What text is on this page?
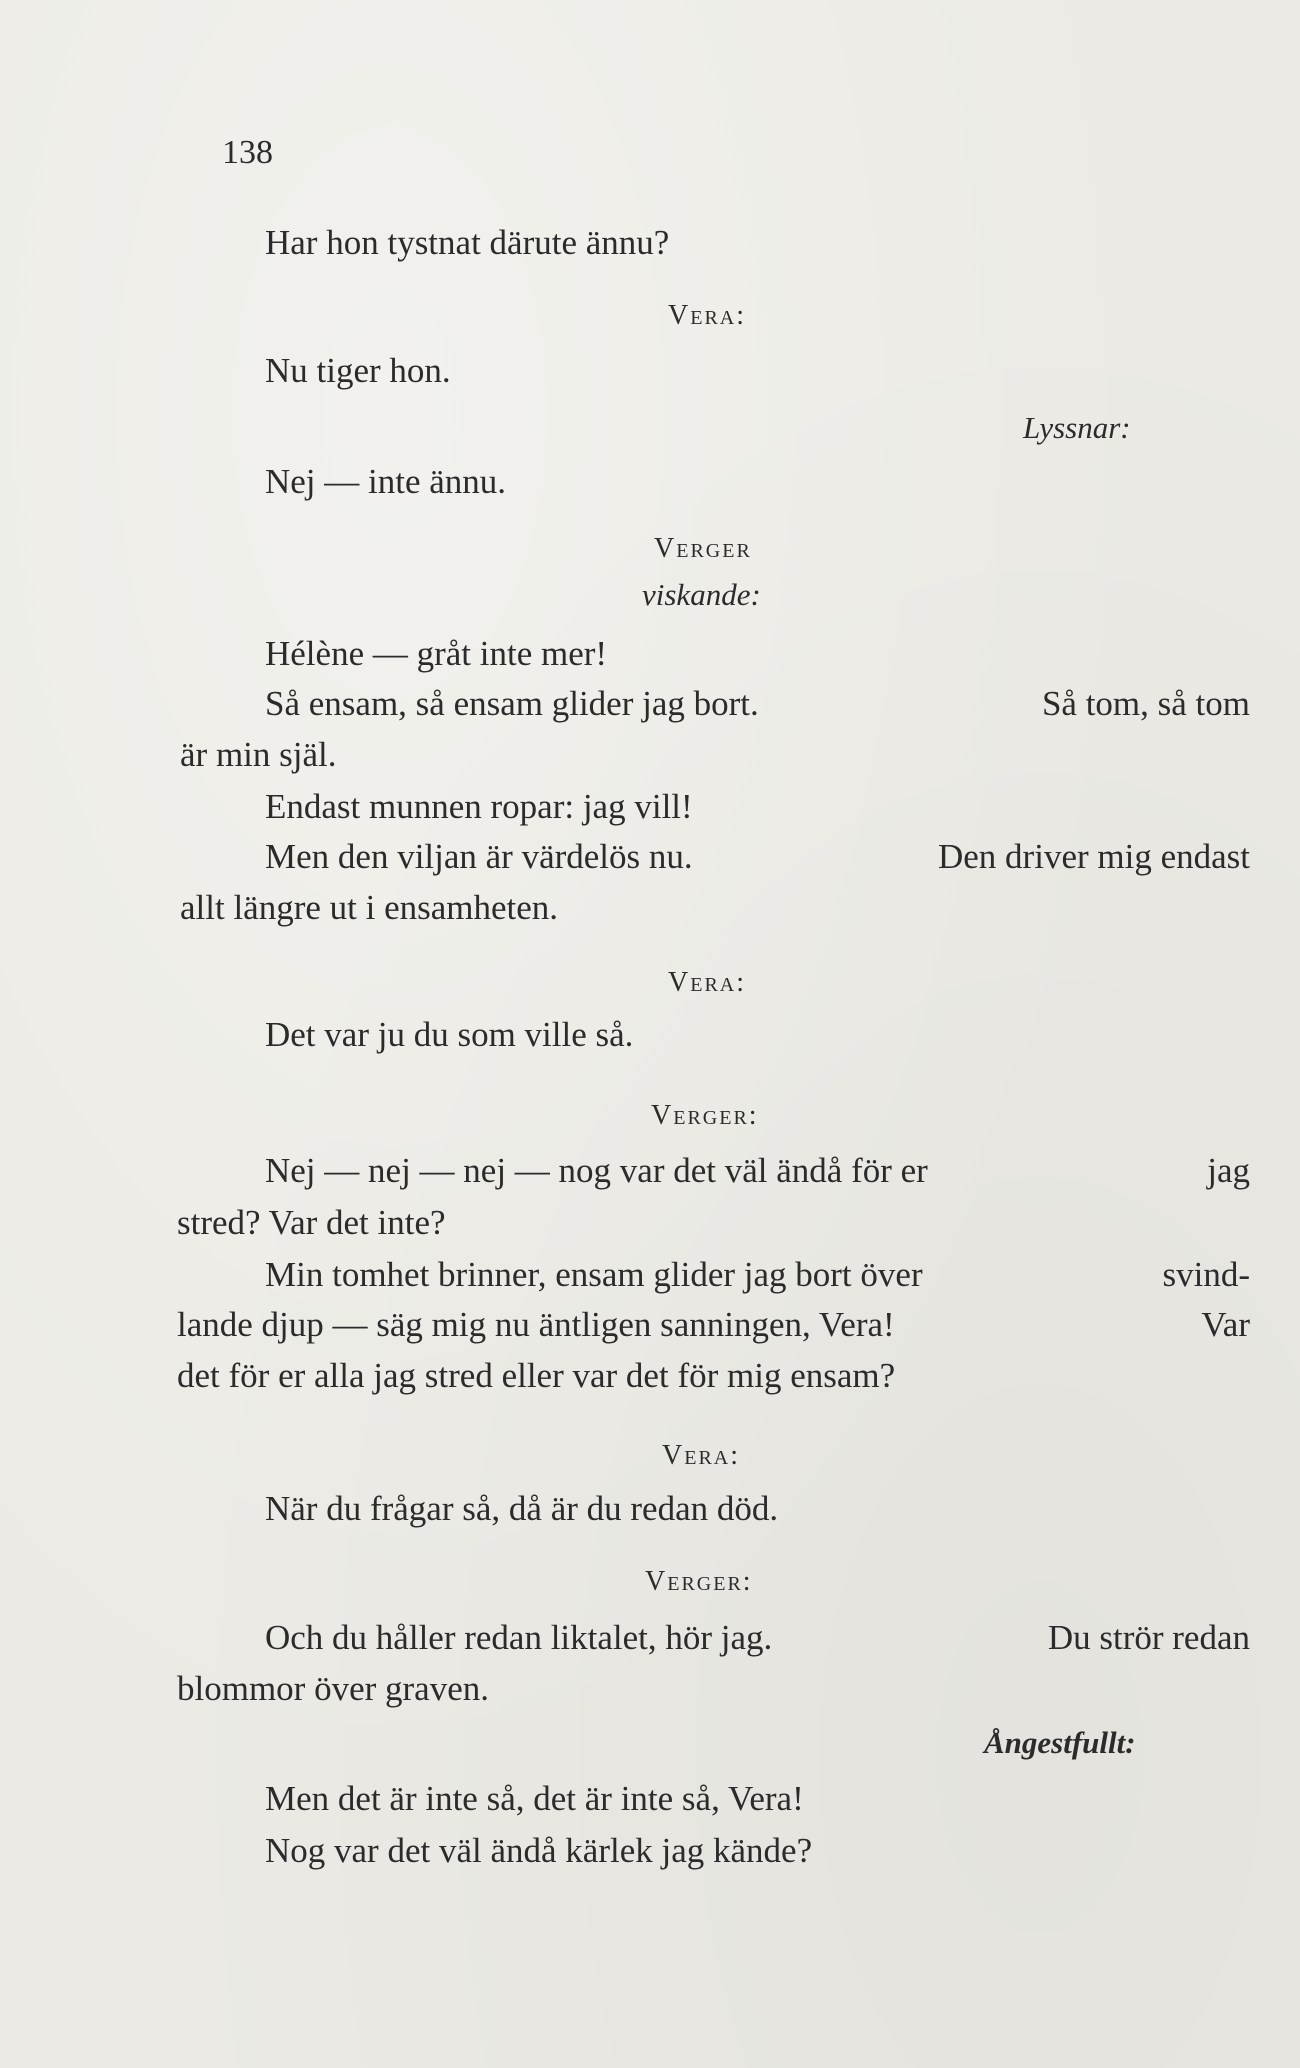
138
Har hon tystnat därute ännu?
Vera:
Nu tiger hon.
Lyssnar:
Nej — inte ännu.
Verger
viskande:
Hélène — gråt inte mer!
Så ensam, så ensam glider jag bort.	Så tom, så tom
är min själ.
Endast munnen ropar: jag vill!
Men den viljan är värdelös nu.	Den driver mig endast
allt längre ut i ensamheten.
Vera:
Det var ju du som ville så.
Verger:
Nej — nej — nej — nog var det väl ändå för er	jag
stred? Var det inte?
Min tomhet brinner, ensam glider jag bort över	svind-
lande djup — säg mig nu äntligen sanningen, Vera!	Var
det för er alla jag stred eller var det för mig ensam?
Vera:
När du frågar så, då är du redan död.
Verger:
Och du håller redan liktalet, hör jag.	Du strör redan
blommor över graven.
Ångestfullt:
Men det är inte så, det är inte så, Vera!
Nog var det väl ändå kärlek jag kände?
